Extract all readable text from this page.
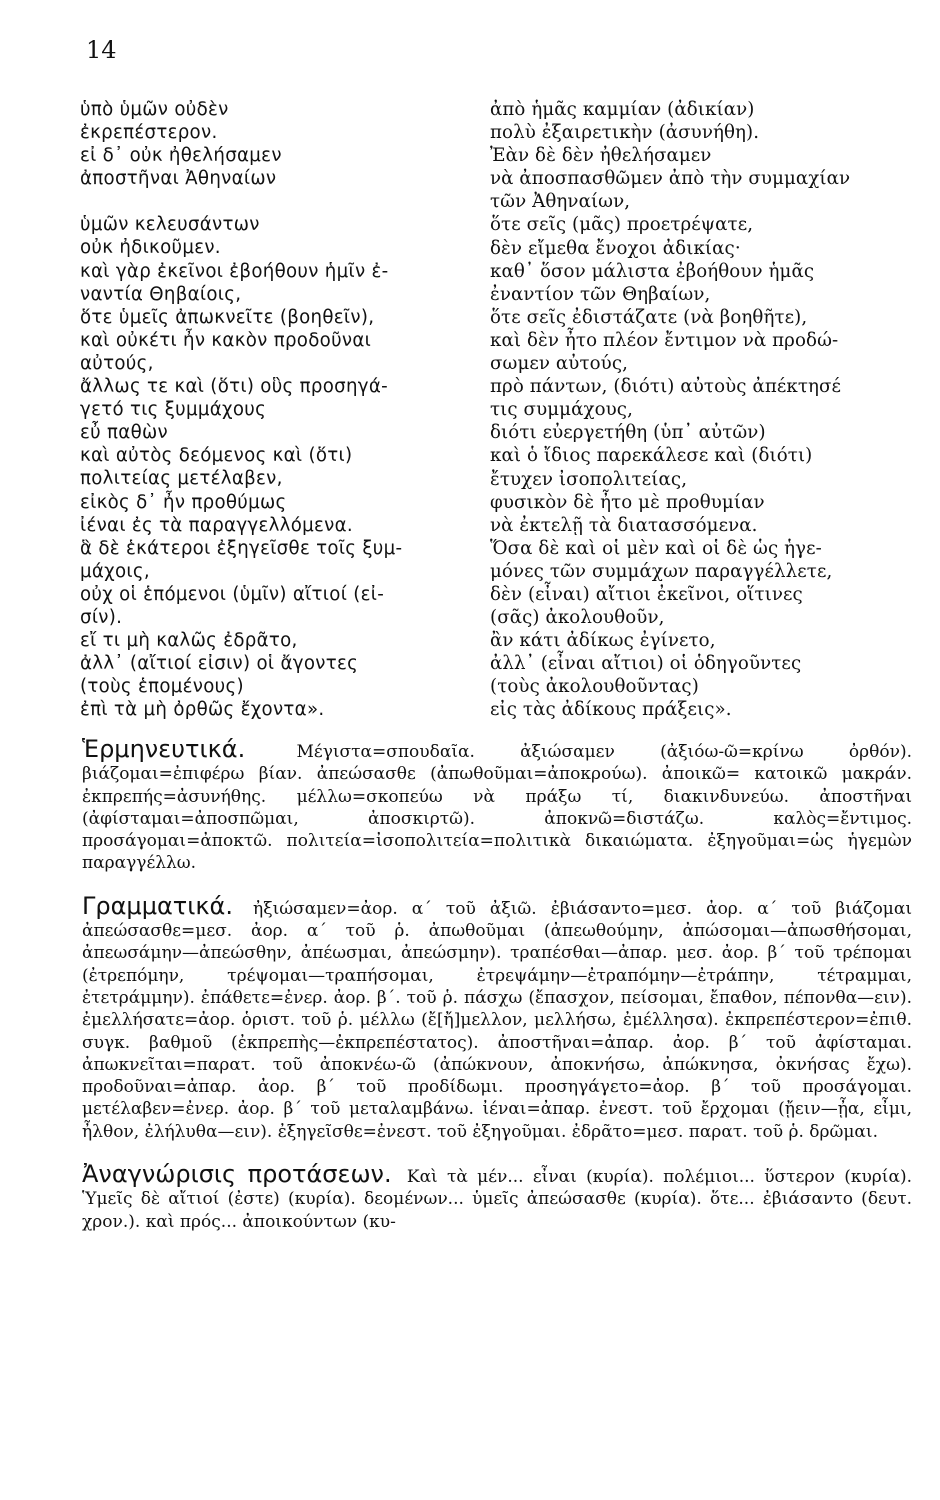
14
ὑπὸ ὑμῶν οὐδὲν
ἐκρεπέστερον.
εἰ δ᾽ οὐκ ἠθελήσαμεν
ἀποστῆναι Ἀθηναίων
ὑμῶν κελευσάντων
οὐκ ἠδικοῦμεν.
καὶ γὰρ ἐκεῖνοι ἐβοήθουν ἡμῖν ἐ-
ναντία Θηβαίοις,
ὅτε ὑμεῖς ἀπωκνεῖτε (βοηθεῖν),
καὶ οὐκέτι ἦν κακὸν προδοῦναι
αὐτούς,
ἄλλως τε καὶ (ὅτι) οὓς προσηγά-
γετό τις ξυμμάχους
εὖ παθὼν
καὶ αὐτὸς δεόμενος καὶ (ὅτι)
πολιτείας μετέλαβεν,
εἰκὸς δ᾽ ἦν προθύμως
ἰέναι ἐς τὰ παραγγελλόμενα.
ἃ δὲ ἑκάτεροι ἐξηγεῖσθε τοῖς ξυμ-
μάχοις,
οὐχ οἱ ἑπόμενοι (ὑμῖν) αἴτιοί (εἰ-
σίν).
εἴ τι μὴ καλῶς ἐδρᾶτο,
ἀλλ᾽ (αἴτιοί εἰσιν) οἱ ἄγοντες
(τοὺς ἑπομένους)
ἐπὶ τὰ μὴ ὀρθῶς ἔχοντα».
ἀπὸ ἡμᾶς καμμίαν (ἀδικίαν)
πολὺ ἐξαιρετικὴν (ἀσυνήθη).
Ἐὰν δὲ δὲν ἠθελήσαμεν
νὰ ἀποσπασθῶμεν ἀπὸ τὴν συμμαχίαν
τῶν Ἀθηναίων,
ὅτε σεῖς (μᾶς) προετρέψατε,
δὲν εἴμεθα ἔνοχοι ἀδικίας·
καθ᾽ ὅσον μάλιστα ἐβοήθουν ἡμᾶς
ἐναντίον τῶν Θηβαίων,
ὅτε σεῖς ἐδιστάζατε (νὰ βοηθῆτε),
καὶ δὲν ἦτο πλέον ἔντιμον νὰ προδώ-
σωμεν αὐτούς,
πρὸ πάντων, (διότι) αὐτοὺς ἀπέκτησέ
τις συμμάχους,
διότι εὐεργετήθη (ὑπ᾽ αὐτῶν)
καὶ ὁ ἴδιος παρεκάλεσε καὶ (διότι)
ἔτυχεν ἰσοπολιτείας,
φυσικὸν δὲ ἦτο μὲ προθυμίαν
νὰ ἐκτελῇ τὰ διατασσόμενα.
Ὅσα δὲ καὶ οἱ μὲν καὶ οἱ δὲ ὡς ἡγε-
μόνες τῶν συμμάχων παραγγέλλετε,
δὲν (εἶναι) αἴτιοι ἐκεῖνοι, οἵτινες
(σᾶς) ἀκολουθοῦν,
ἂν κάτι ἀδίκως ἐγίνετο,
ἀλλ᾽ (εἶναι αἴτιοι) οἱ ὁδηγοῦντες
(τοὺς ἀκολουθοῦντας)
εἰς τὰς ἀδίκους πράξεις».
Ἑρμηνευτικά.	Μέγιστα=σπουδαῖα. ἀξιώσαμεν (ἀξιόω-ῶ=κρίνω ὀρθόν). βιάζομαι=ἐπιφέρω βίαν. ἀπεώσασθε (ἀπωθοῦμαι=ἀποκρούω). ἀποικῶ= κατοικῶ μακράν. ἐκπρεπής=ἀσυνήθης. μέλλω=σκοπεύω νὰ πράξω τί, διακινδυνεύω. ἀποστῆναι (ἀφίσταμαι=ἀποσπῶμαι, ἀποσκιρτῶ). ἀποκνῶ=διστάζω. καλὸς=ἔντιμος. προσάγομαι=ἀποκτῶ. πολιτεία=ἰσοπολιτεία=πολιτικὰ δικαιώματα. ἐξηγοῦμαι=ὡς ἡγεμὼν παραγγέλλω.
Γραμματικά. ἠξιώσαμεν=ἀορ. α΄ τοῦ ἀξιῶ. ἐβιάσαντο=μεσ. ἀορ. α΄ τοῦ βιάζομαι ἀπεώσασθε=μεσ. ἀορ. α΄ τοῦ ῥ. ἀπωθοῦμαι (ἀπεωθούμην, ἀπώσομαι—ἀπωσθήσομαι, ἀπεωσάμην—ἀπεώσθην, ἀπέωσμαι, ἀπεώσμην). τραπέσθαι—ἀπαρ. μεσ. ἀορ. β΄ τοῦ τρέπομαι (ἐτρεπόμην, τρέψομαι—τραπήσομαι, ἐτρεψάμην—ἐτραπόμην—ἐτράπην, τέτραμμαι, ἐτετράμμην). ἐπάθετε=ἐνερ. ἀορ. β΄. τοῦ ῥ. πάσχω (ἔπασχον, πείσομαι, ἔπαθον, πέπονθα—ειν). ἐμελλήσατε=ἀορ. ὁριστ. τοῦ ῥ. μέλλω (ἔ[ἤ]μελλον, μελλήσω, ἐμέλλησα). ἐκπρεπέστερον=ἐπιθ. συγκ. βαθμοῦ (ἐκπρεπὴς—ἐκπρεπέστατος). ἀποστῆναι=ἀπαρ. ἀορ. β΄ τοῦ ἀφίσταμαι. ἀπωκνεῖται=παρατ. τοῦ ἀποκνέω-ῶ (ἀπώκνουν, ἀποκνήσω, ἀπώκνησα, ὀκνήσας ἔχω). προδοῦναι=ἀπαρ. ἀορ. β΄ τοῦ προδίδωμι. προσηγάγετο=ἀορ. β΄ τοῦ προσάγομαι. μετέλαβεν=ἐνερ. ἀορ. β΄ τοῦ μεταλαμβάνω. ἰέναι=ἀπαρ. ἐνεστ. τοῦ ἔρχομαι (ᾔειν—ᾖα, εἶμι, ἦλθον, ἐλήλυθα—ειν). ἐξηγεῖσθε=ἐνεστ. τοῦ ἐξηγοῦμαι. ἐδρᾶτο=μεσ. παρατ. τοῦ ῥ. δρῶμαι.
Ἀναγνώρισις προτάσεων. Καὶ τὰ μέν... εἶναι (κυρία). πολέμιοι... ὕστερον (κυρία). Ὑμεῖς δὲ αἴτιοί (ἐστε) (κυρία). δεομένων... ὑμεῖς ἀπεώσασθε (κυρία). ὅτε... ἐβιάσαντο (δευτ. χρον.). καὶ πρός... ἀποικούντων (κυ-
